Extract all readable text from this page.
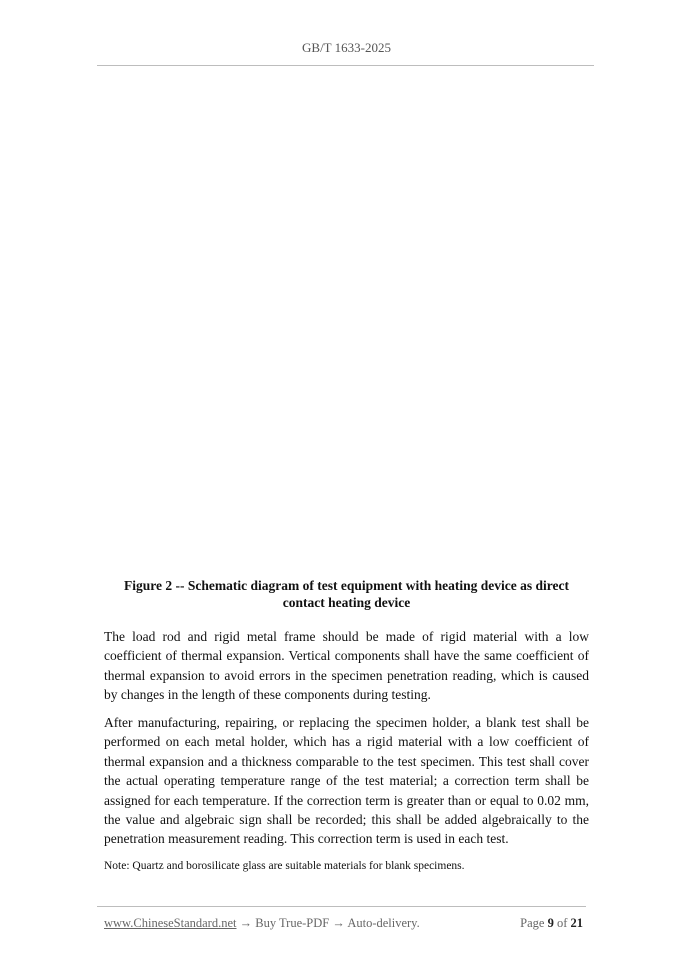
GB/T 1633-2025
Figure 2 -- Schematic diagram of test equipment with heating device as direct
contact heating device

The load rod and rigid metal frame should be made of rigid material with a low coefficient of thermal expansion. Vertical components shall have the same coefficient of thermal expansion to avoid errors in the specimen penetration reading, which is caused by changes in the length of these components during testing.

After manufacturing, repairing, or replacing the specimen holder, a blank test shall be performed on each metal holder, which has a rigid material with a low coefficient of thermal expansion and a thickness comparable to the test specimen. This test shall cover the actual operating temperature range of the test material; a correction term shall be assigned for each temperature. If the correction term is greater than or equal to 0.02 mm, the value and algebraic sign shall be recorded; this shall be added algebraically to the penetration measurement reading. This correction term is used in each test.

Note: Quartz and borosilicate glass are suitable materials for blank specimens.
www.ChineseStandard.net → Buy True-PDF → Auto-delivery.	Page 9 of 21
